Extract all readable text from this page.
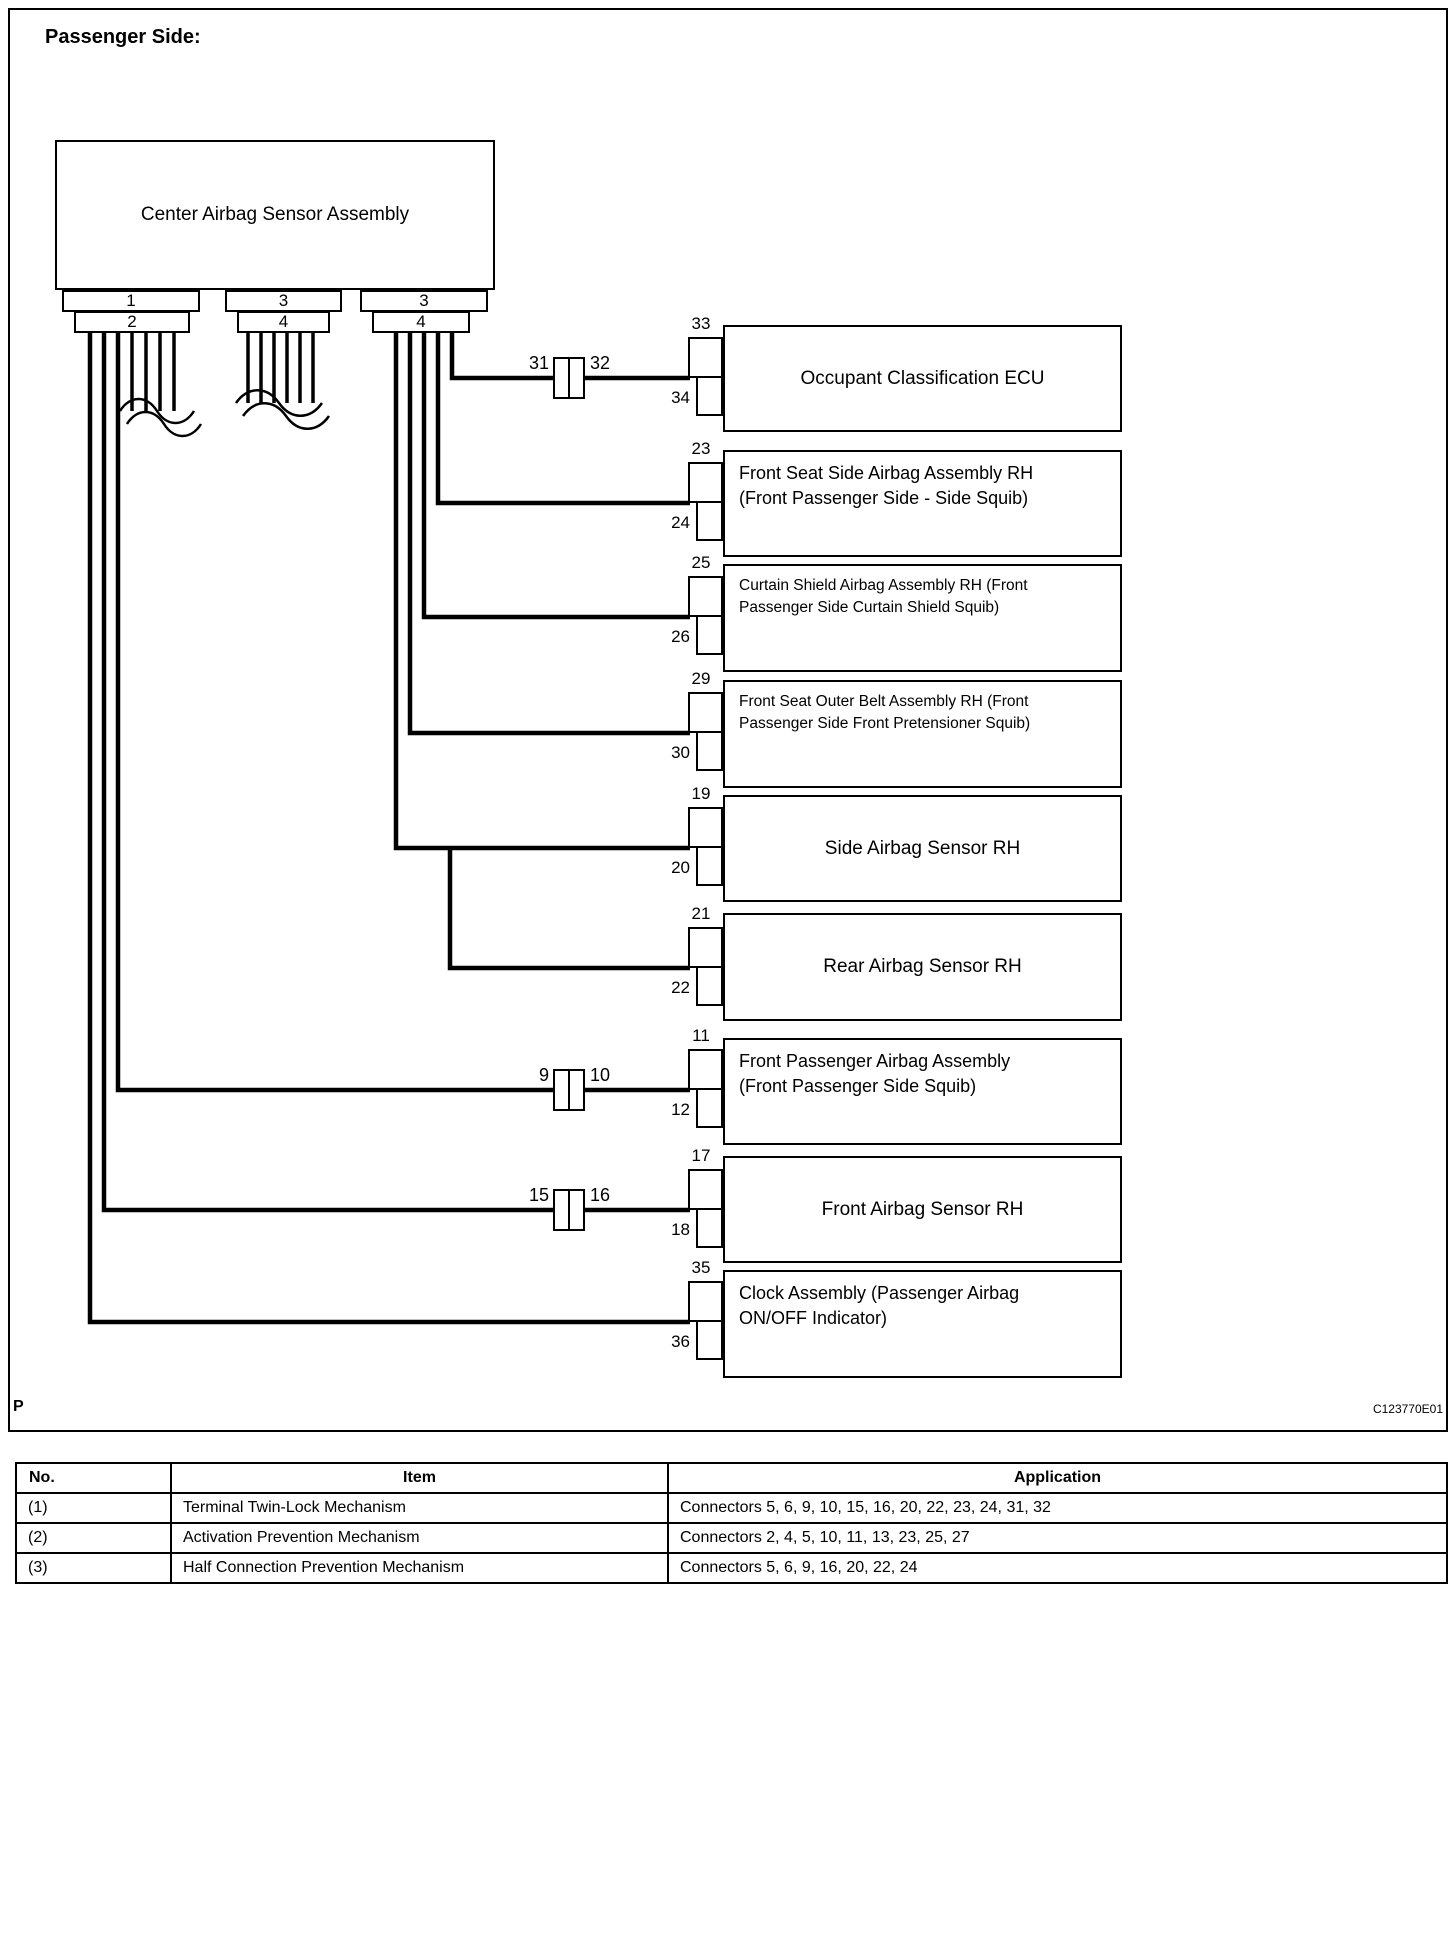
Passenger Side:
Center Airbag Sensor Assembly
1
2
3
4
3
4
31 32
9 10
15 16
33
34
Occupant Classification ECU
23
24
Front Seat Side Airbag Assembly RH
(Front Passenger Side - Side Squib)
25
26
Curtain Shield Airbag Assembly RH (Front
Passenger Side Curtain Shield Squib)
29
30
Front Seat Outer Belt Assembly RH (Front
Passenger Side Front Pretensioner Squib)
19
20
Side Airbag Sensor RH
21
22
Rear Airbag Sensor RH
11
12
Front Passenger Airbag Assembly
(Front Passenger Side Squib)
17
18
Front Airbag Sensor RH
35
36
Clock Assembly (Passenger Airbag
ON/OFF Indicator)
P	C123770E01
No.	Item	Application
(1)	Terminal Twin-Lock Mechanism	Connectors 5, 6, 9, 10, 15, 16, 20, 22, 23, 24, 31, 32
(2)	Activation Prevention Mechanism	Connectors 2, 4, 5, 10, 11, 13, 23, 25, 27
(3)	Half Connection Prevention Mechanism	Connectors 5, 6, 9, 16, 20, 22, 24
